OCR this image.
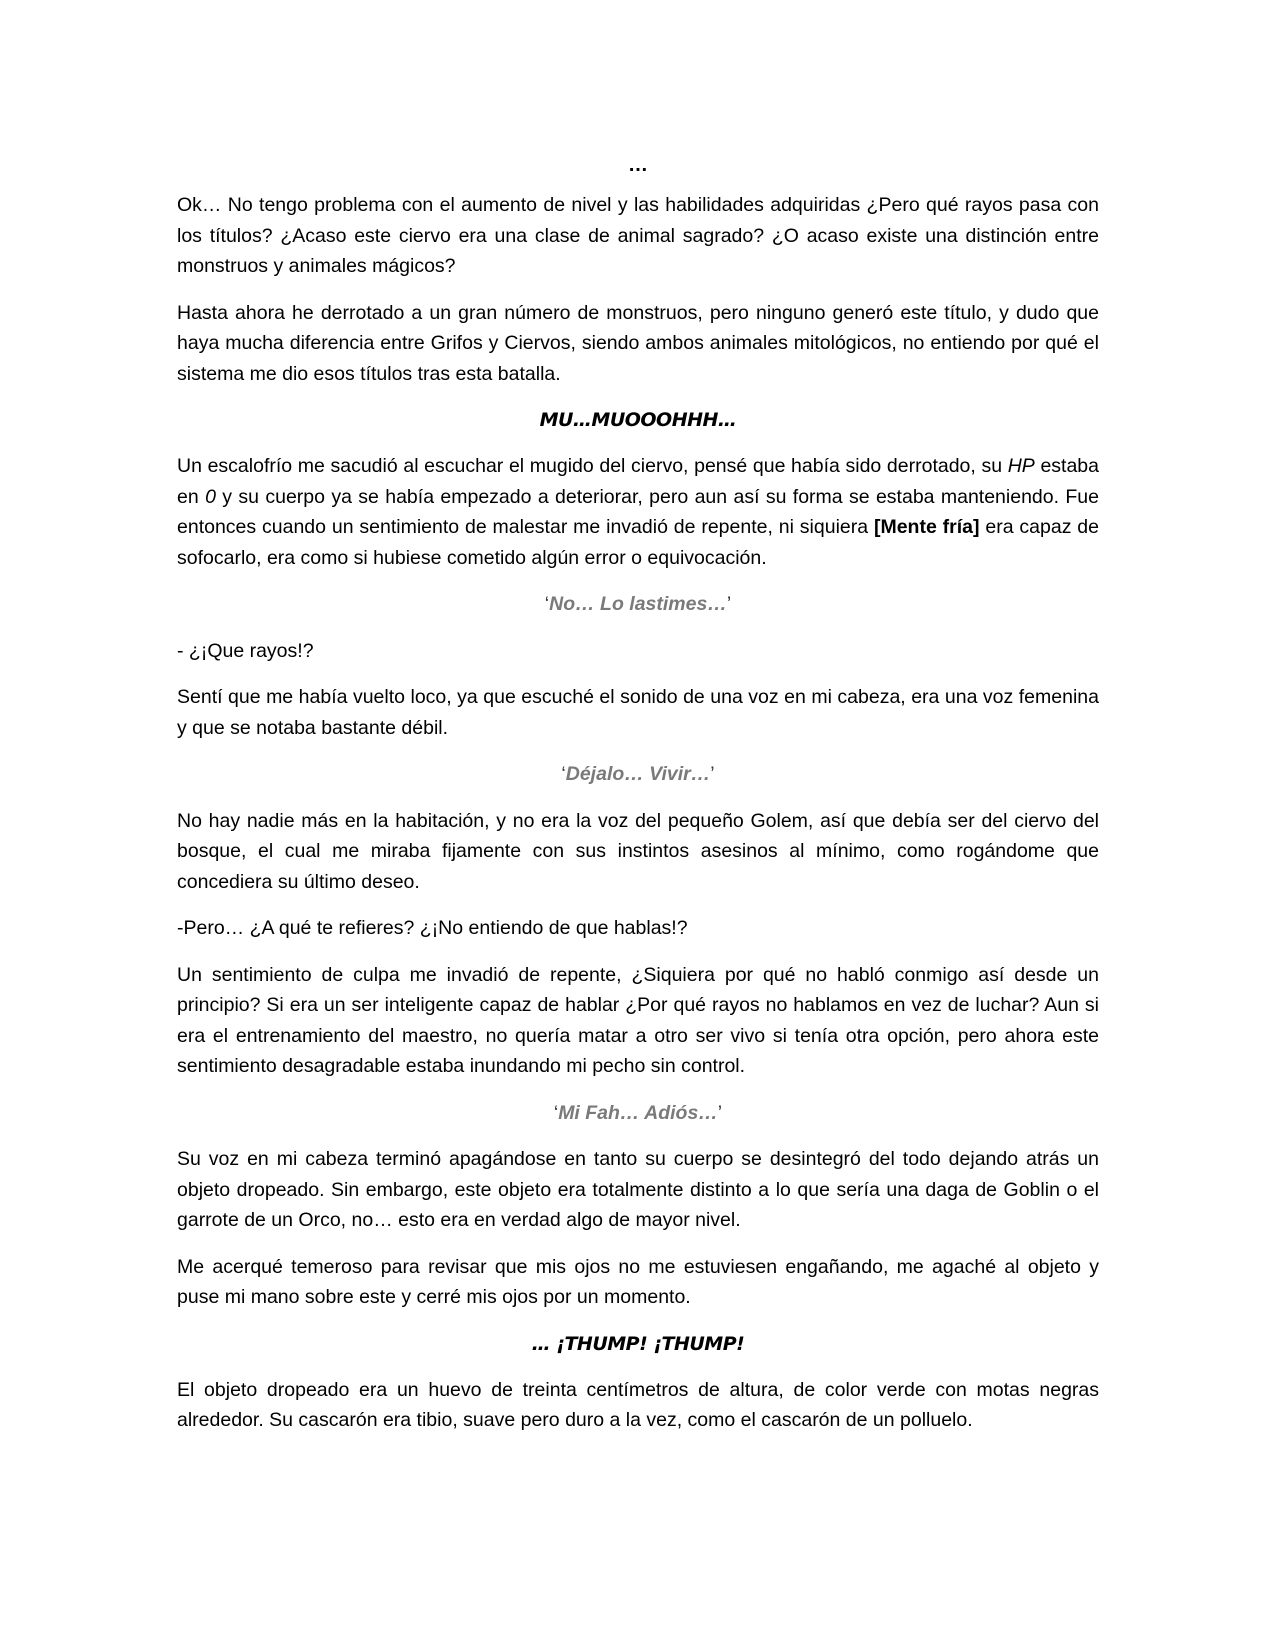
…

Ok… No tengo problema con el aumento de nivel y las habilidades adquiridas ¿Pero qué rayos pasa con los títulos? ¿Acaso este ciervo era una clase de animal sagrado? ¿O acaso existe una distinción entre monstruos y animales mágicos?

Hasta ahora he derrotado a un gran número de monstruos, pero ninguno generó este título, y dudo que haya mucha diferencia entre Grifos y Ciervos, siendo ambos animales mitológicos, no entiendo por qué el sistema me dio esos títulos tras esta batalla.

MU…MUOOOHHH…

Un escalofrío me sacudió al escuchar el mugido del ciervo, pensé que había sido derrotado, su HP estaba en 0 y su cuerpo ya se había empezado a deteriorar, pero aun así su forma se estaba manteniendo. Fue entonces cuando un sentimiento de malestar me invadió de repente, ni siquiera [Mente fría] era capaz de sofocarlo, era como si hubiese cometido algún error o equivocación.

‘No… Lo lastimes…’

- ¿¡Que rayos!?

Sentí que me había vuelto loco, ya que escuché el sonido de una voz en mi cabeza, era una voz femenina y que se notaba bastante débil.

‘Déjalo… Vivir…’

No hay nadie más en la habitación, y no era la voz del pequeño Golem, así que debía ser del ciervo del bosque, el cual me miraba fijamente con sus instintos asesinos al mínimo, como rogándome que concediera su último deseo.

-Pero… ¿A qué te refieres? ¿¡No entiendo de que hablas!?

Un sentimiento de culpa me invadió de repente, ¿Siquiera por qué no habló conmigo así desde un principio? Si era un ser inteligente capaz de hablar ¿Por qué rayos no hablamos en vez de luchar? Aun si era el entrenamiento del maestro, no quería matar a otro ser vivo si tenía otra opción, pero ahora este sentimiento desagradable estaba inundando mi pecho sin control.

‘Mi Fah… Adiós…’

Su voz en mi cabeza terminó apagándose en tanto su cuerpo se desintegró del todo dejando atrás un objeto dropeado. Sin embargo, este objeto era totalmente distinto a lo que sería una daga de Goblin o el garrote de un Orco, no… esto era en verdad algo de mayor nivel.

Me acerqué temeroso para revisar que mis ojos no me estuviesen engañando, me agaché al objeto y puse mi mano sobre este y cerré mis ojos por un momento.

… ¡THUMP! ¡THUMP!

El objeto dropeado era un huevo de treinta centímetros de altura, de color verde con motas negras alrededor. Su cascarón era tibio, suave pero duro a la vez, como el cascarón de un polluelo.
